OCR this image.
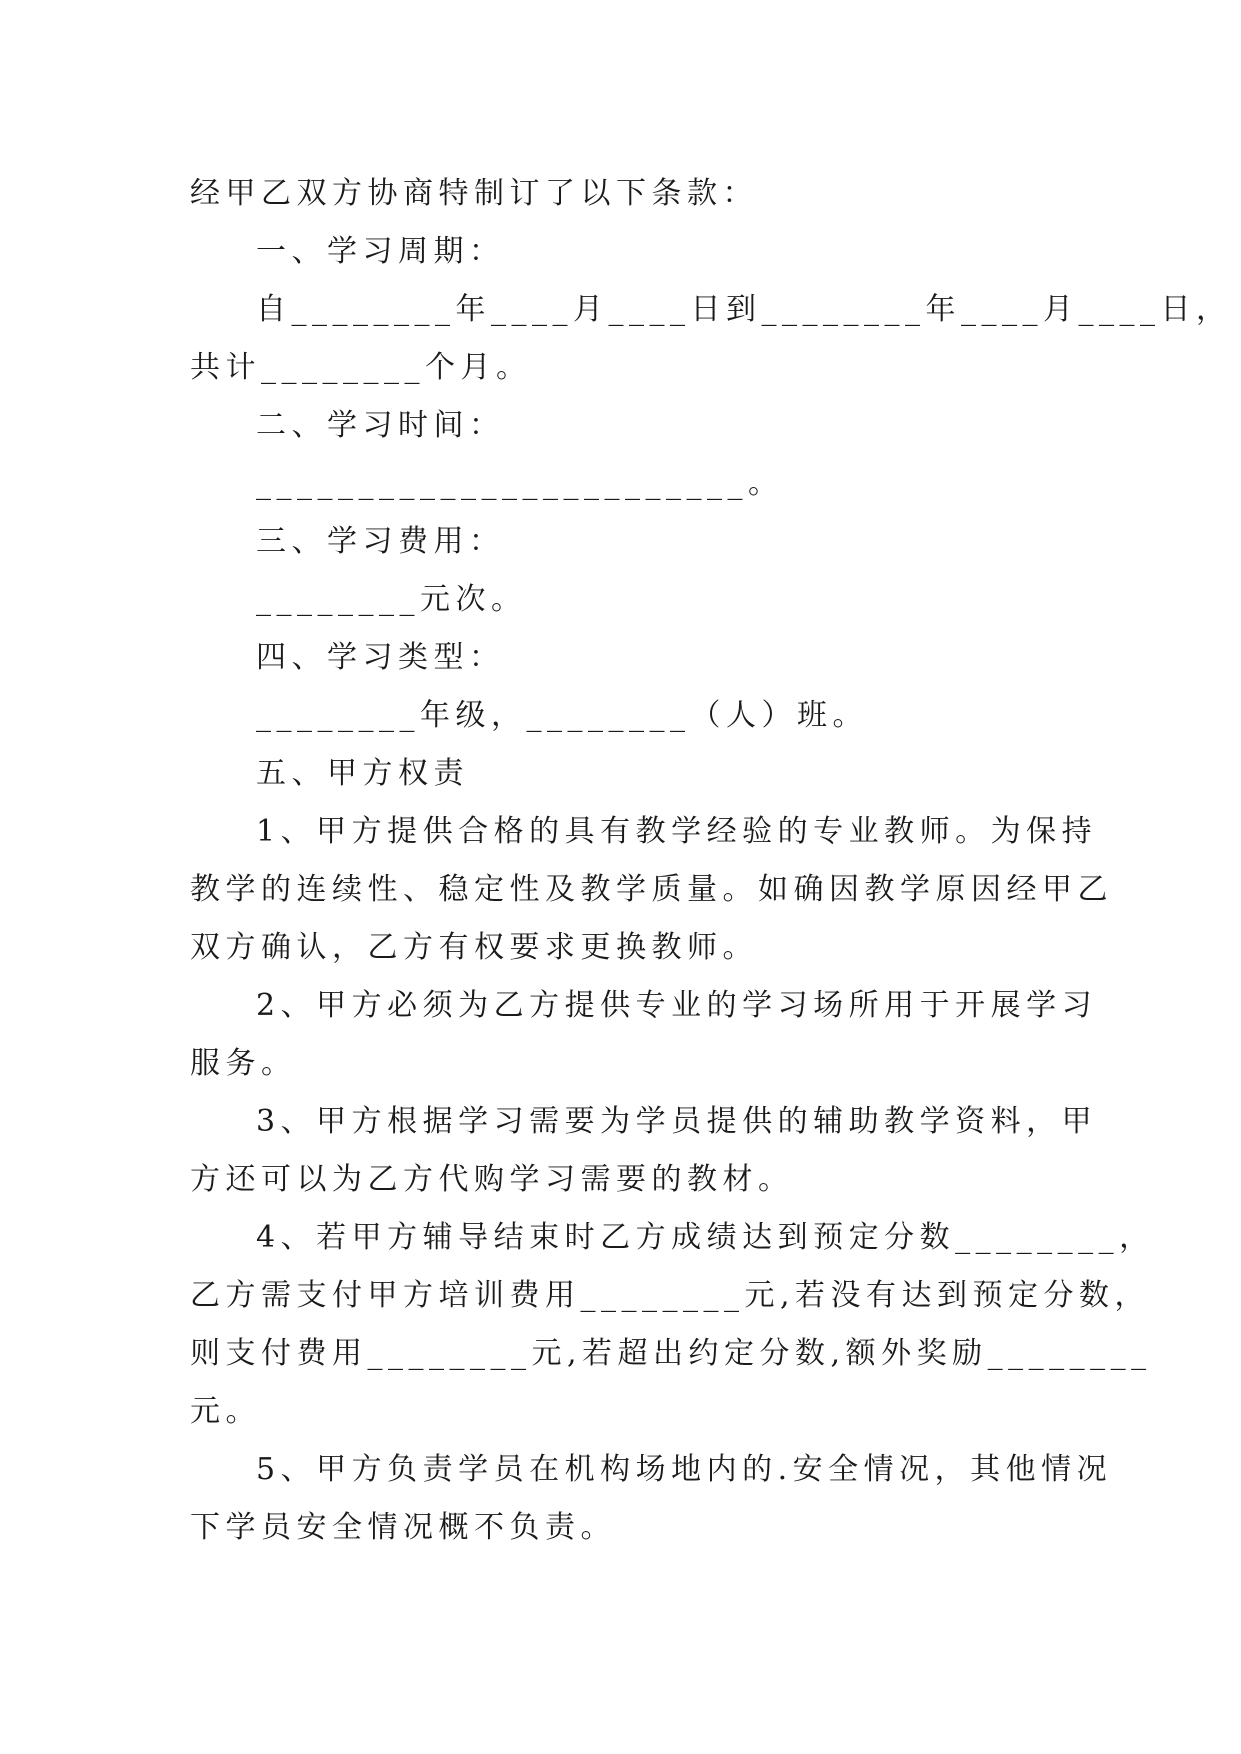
经甲乙双方协商特制订了以下条款：

一、学习周期：

自________年____月____日到________年____月____日，

共计________个月。

二、学习时间：

________________________。

三、学习费用：

________元次。

四、学习类型：

________年级，________（人）班。

五、甲方权责

1、甲方提供合格的具有教学经验的专业教师。为保持

教学的连续性、稳定性及教学质量。如确因教学原因经甲乙

双方确认，乙方有权要求更换教师。

2、甲方必须为乙方提供专业的学习场所用于开展学习

服务。

3、甲方根据学习需要为学员提供的辅助教学资料，甲

方还可以为乙方代购学习需要的教材。

4、若甲方辅导结束时乙方成绩达到预定分数________，

乙方需支付甲方培训费用________元,若没有达到预定分数，

则支付费用________元,若超出约定分数,额外奖励________

元。

5、甲方负责学员在机构场地内的.安全情况，其他情况

下学员安全情况概不负责。
